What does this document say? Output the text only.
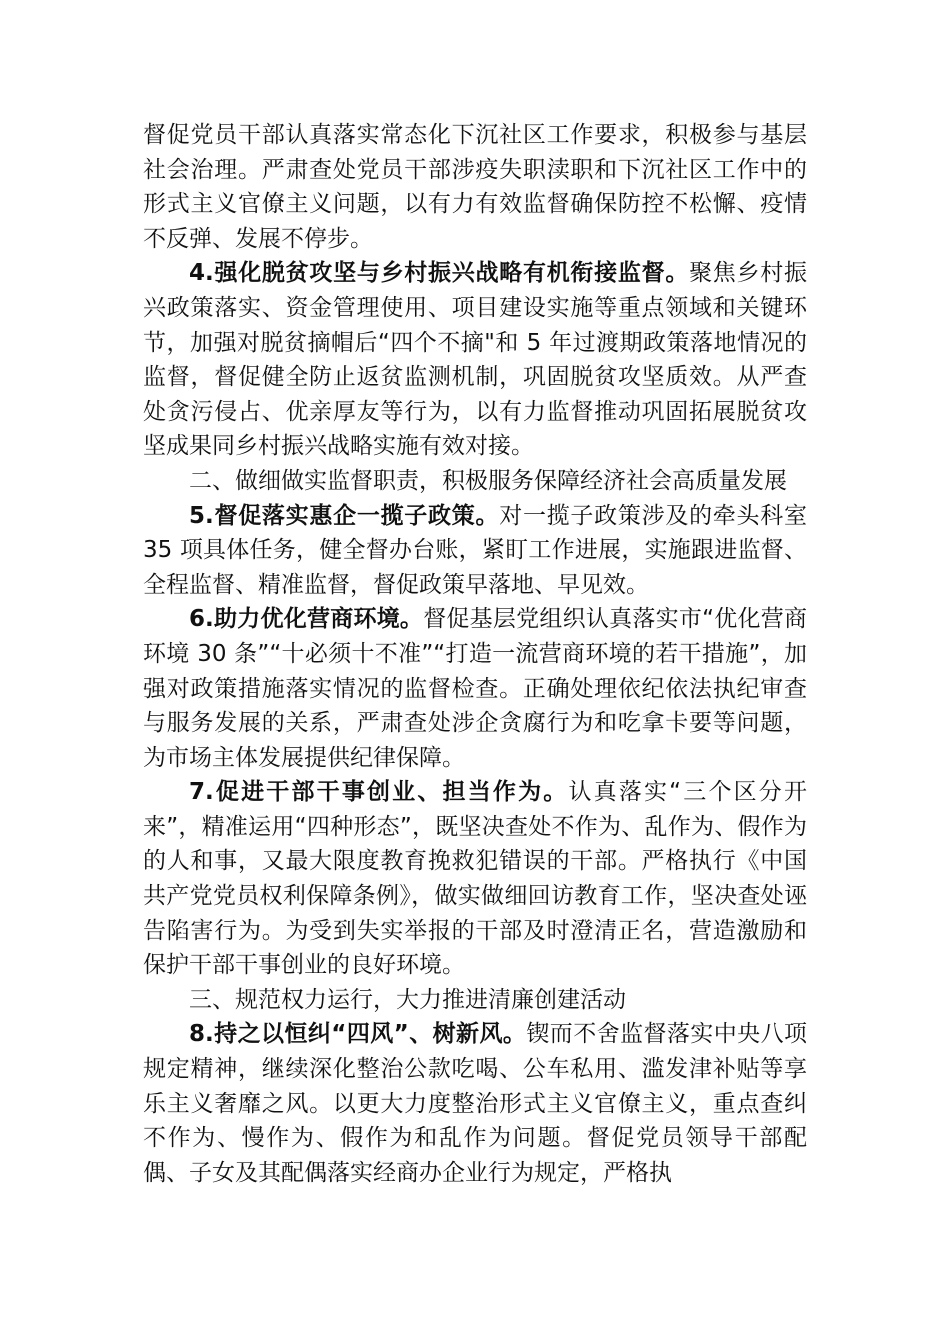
督促党员干部认真落实常态化下沉社区工作要求，积极参与基层社会治理。严肃查处党员干部涉疫失职渎职和下沉社区工作中的形式主义官僚主义问题，以有力有效监督确保防控不松懈、疫情不反弹、发展不停步。

4.强化脱贫攻坚与乡村振兴战略有机衔接监督。聚焦乡村振兴政策落实、资金管理使用、项目建设实施等重点领域和关键环节，加强对脱贫摘帽后“四个不摘"和 5 年过渡期政策落地情况的监督，督促健全防止返贫监测机制，巩固脱贫攻坚质效。从严查处贪污侵占、优亲厚友等行为，以有力监督推动巩固拓展脱贫攻坚成果同乡村振兴战略实施有效对接。

二、做细做实监督职责，积极服务保障经济社会高质量发展

5.督促落实惠企一揽子政策。对一揽子政策涉及的牵头科室 35 项具体任务，健全督办台账，紧盯工作进展，实施跟进监督、全程监督、精准监督，督促政策早落地、早见效。

6.助力优化营商环境。督促基层党组织认真落实市“优化营商环境 30 条”“十必须十不准”“打造一流营商环境的若干措施”，加强对政策措施落实情况的监督检查。正确处理依纪依法执纪审查与服务发展的关系，严肃查处涉企贪腐行为和吃拿卡要等问题，为市场主体发展提供纪律保障。

7.促进干部干事创业、担当作为。认真落实“三个区分开来”，精准运用“四种形态”，既坚决查处不作为、乱作为、假作为的人和事，又最大限度教育挽救犯错误的干部。严格执行《中国共产党党员权利保障条例》，做实做细回访教育工作，坚决查处诬告陷害行为。为受到失实举报的干部及时澄清正名，营造激励和保护干部干事创业的良好环境。

三、规范权力运行，大力推进清廉创建活动

8.持之以恒纠“四风”、树新风。锲而不舍监督落实中央八项规定精神，继续深化整治公款吃喝、公车私用、滥发津补贴等享乐主义奢靡之风。以更大力度整治形式主义官僚主义，重点查纠不作为、慢作为、假作为和乱作为问题。督促党员领导干部配偶、子女及其配偶落实经商办企业行为规定，严格执
